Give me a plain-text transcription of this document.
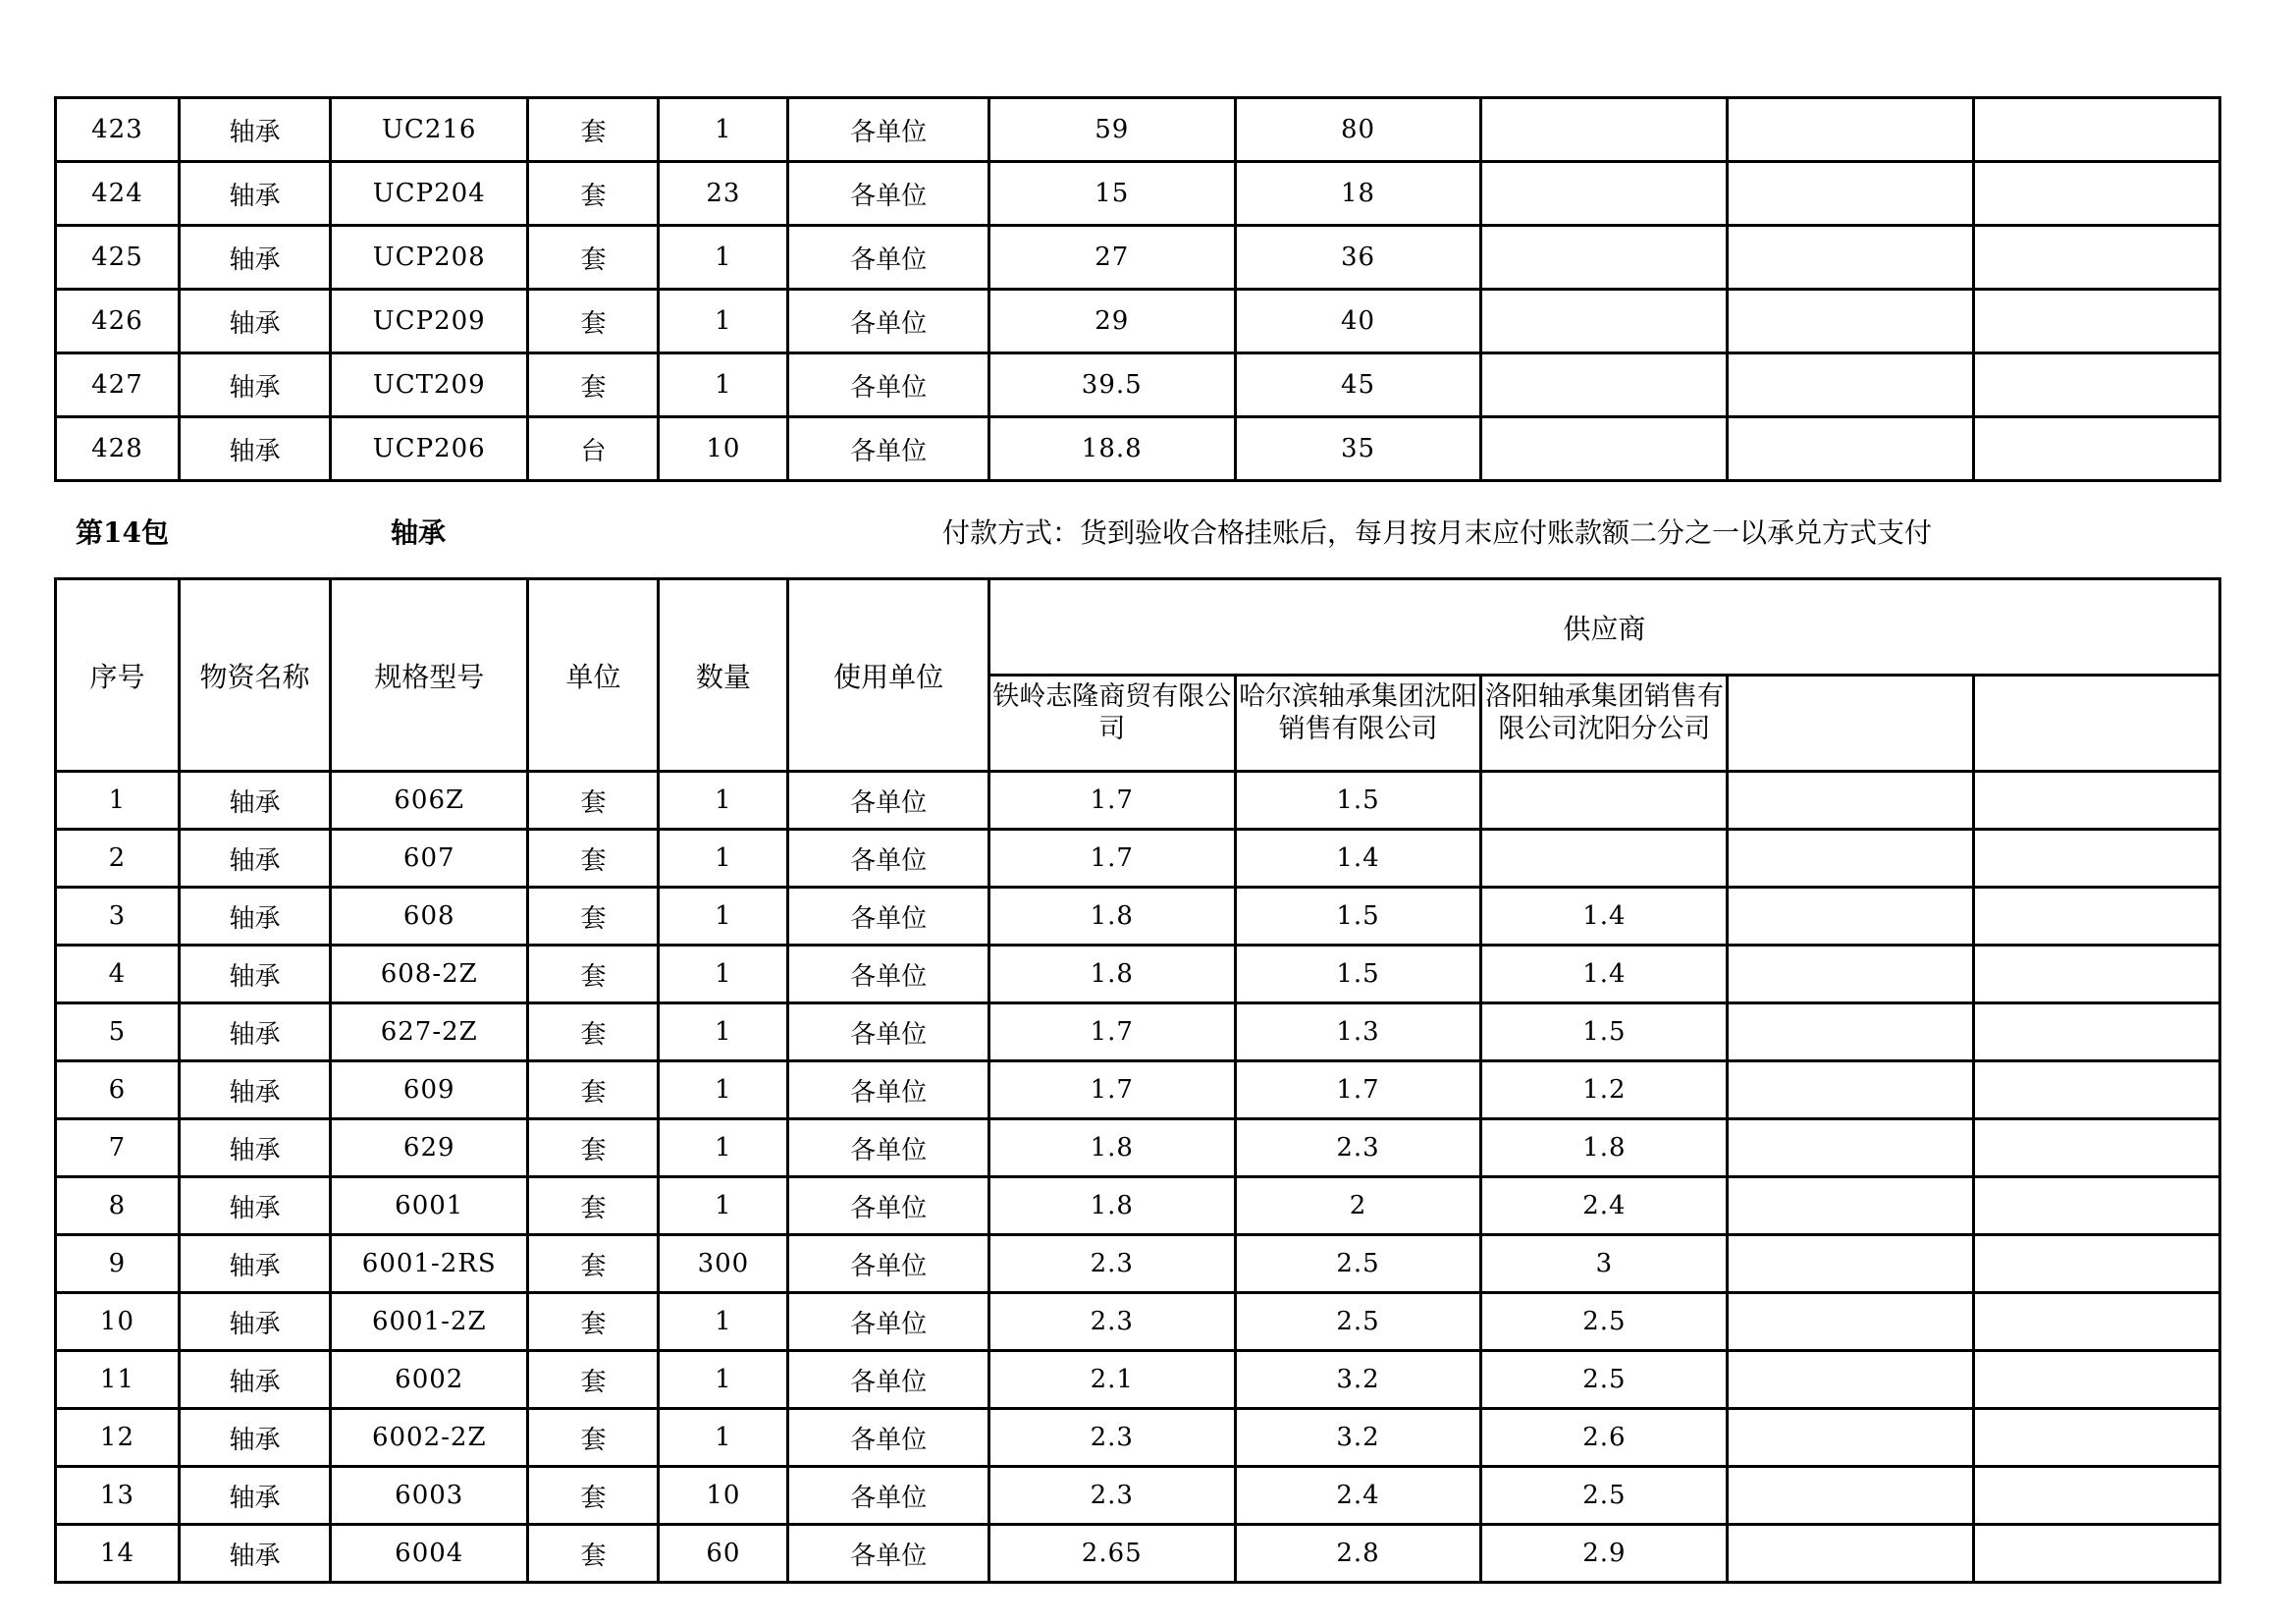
423	轴承	UC216	套	1	各单位	59	80			
424	轴承	UCP204	套	23	各单位	15	18			
425	轴承	UCP208	套	1	各单位	27	36			
426	轴承	UCP209	套	1	各单位	29	40			
427	轴承	UCT209	套	1	各单位	39.5	45			
428	轴承	UCP206	台	10	各单位	18.8	35			
第14包	轴承	付款方式：货到验收合格挂账后，每月按月末应付账款额二分之一以承兑方式支付
序号	物资名称	规格型号	单位	数量	使用单位	供应商				
						铁岭志隆商贸有限公司	哈尔滨轴承集团沈阳销售有限公司	洛阳轴承集团销售有限公司沈阳分公司		
1	轴承	606Z	套	1	各单位	1.7	1.5			
2	轴承	607	套	1	各单位	1.7	1.4			
3	轴承	608	套	1	各单位	1.8	1.5	1.4		
4	轴承	608-2Z	套	1	各单位	1.8	1.5	1.4		
5	轴承	627-2Z	套	1	各单位	1.7	1.3	1.5		
6	轴承	609	套	1	各单位	1.7	1.7	1.2		
7	轴承	629	套	1	各单位	1.8	2.3	1.8		
8	轴承	6001	套	1	各单位	1.8	2	2.4		
9	轴承	6001-2RS	套	300	各单位	2.3	2.5	3		
10	轴承	6001-2Z	套	1	各单位	2.3	2.5	2.5		
11	轴承	6002	套	1	各单位	2.1	3.2	2.5		
12	轴承	6002-2Z	套	1	各单位	2.3	3.2	2.6		
13	轴承	6003	套	10	各单位	2.3	2.4	2.5		
14	轴承	6004	套	60	各单位	2.65	2.8	2.9		
